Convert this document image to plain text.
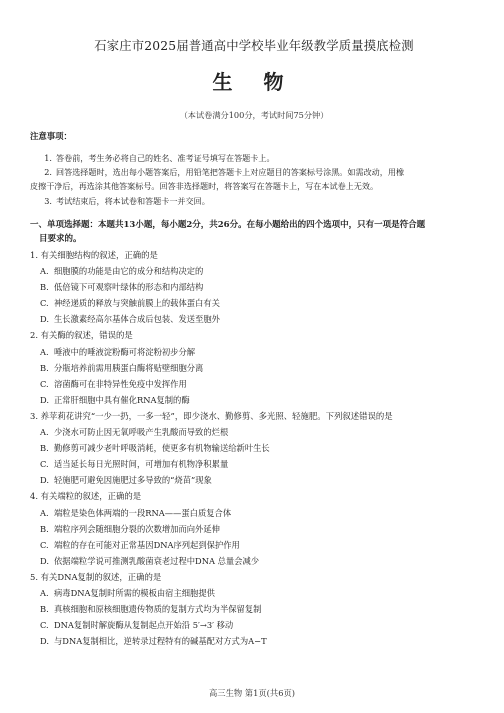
石家庄市2025届普通高中学校毕业年级教学质量摸底检测
生 物
（本试卷满分100分，考试时间75分钟）
注意事项：
1. 答卷前，考生务必将自己的姓名、准考证号填写在答题卡上。
2. 回答选择题时，选出每小题答案后，用铅笔把答题卡上对应题目的答案标号涂黑。如需改动，用橡
皮擦干净后，再选涂其他答案标号。回答非选择题时，将答案写在答题卡上，写在本试卷上无效。
3. 考试结束后，将本试卷和答题卡一并交回。
一、单项选择题：本题共13小题，每小题2分，共26分。在每小题给出的四个选项中，只有一项是符合题
目要求的。
1. 有关细胞结构的叙述，正确的是
A. 细胞膜的功能是由它的成分和结构决定的
B. 低倍镜下可观察叶绿体的形态和内部结构
C. 神经递质的释放与突触前膜上的载体蛋白有关
D. 生长激素经高尔基体合成后包装、发送至胞外
2. 有关酶的叙述，错误的是
A. 唾液中的唾液淀粉酶可将淀粉初步分解
B. 分瓶培养前需用胰蛋白酶将贴壁细胞分离
C. 溶菌酶可在非特异性免疫中发挥作用
D. 正常肝细胞中具有催化RNA复制的酶
3. 养苹莉花讲究“一少一扔，一多一轻”，即少浇水、勤修剪、多光照、轻施肥。下列叙述错误的是
A. 少浇水可防止因无氧呼吸产生乳酸而导致的烂根
B. 勤修剪可减少老叶呼吸消耗，使更多有机物输送给新叶生长
C. 适当延长每日光照时间，可增加有机物净积累量
D. 轻施肥可避免因施肥过多导致的“烧苗”现象
4. 有关端粒的叙述，正确的是
A. 端粒是染色体两端的一段RNA——蛋白质复合体
B. 端粒序列会随细胞分裂的次数增加而向外延伸
C. 端粒的存在可能对正常基因DNA序列起到保护作用
D. 依据端粒学说可推测乳酸菌衰老过程中DNA 总量会减少
5. 有关DNA复制的叙述，正确的是
A. 病毒DNA复制时所需的模板由宿主细胞提供
B. 真核细胞和原核细胞遗传物质的复制方式均为半保留复制
C. DNA复制时解旋酶从复制起点开始沿 5′→3′ 移动
D. 与DNA复制相比，逆转录过程特有的碱基配对方式为A−T
高三生物 第1页(共6页)
